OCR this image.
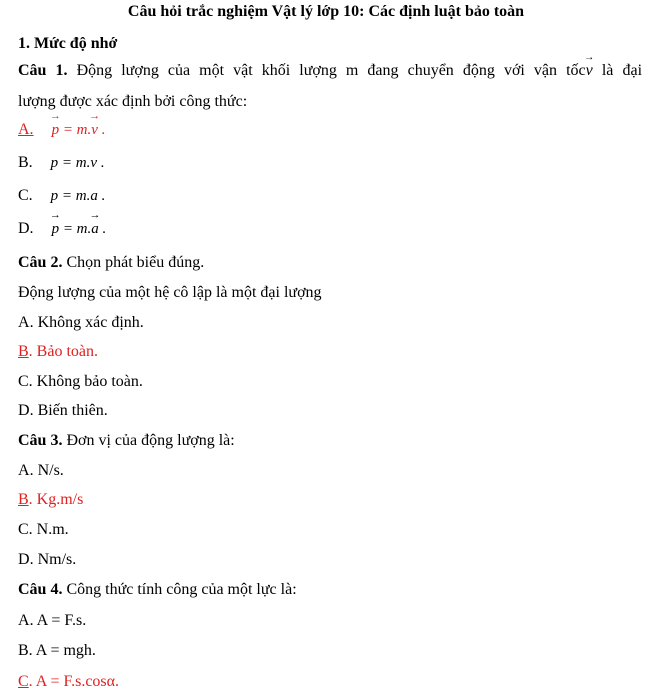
Câu hỏi trắc nghiệm Vật lý lớp 10: Các định luật bảo toàn
1. Mức độ nhớ
Câu 1. Động lượng của một vật khối lượng m đang chuyển động với vận tốc→ v là đại
lượng được xác định bởi công thức:
A. → p = m.→ v .
B. p = m.v .
C. p = m.a .
D. → p = m.→ a .
Câu 2. Chọn phát biểu đúng.
Động lượng của một hệ cô lập là một đại lượng
A. Không xác định.
B. Bảo toàn.
C. Không bảo toàn.
D. Biến thiên.
Câu 3. Đơn vị của động lượng là:
A. N/s.
B. Kg.m/s
C. N.m.
D. Nm/s.
Câu 4. Công thức tính công của một lực là:
A. A = F.s.
B. A = mgh.
C. A = F.s.cosα.
